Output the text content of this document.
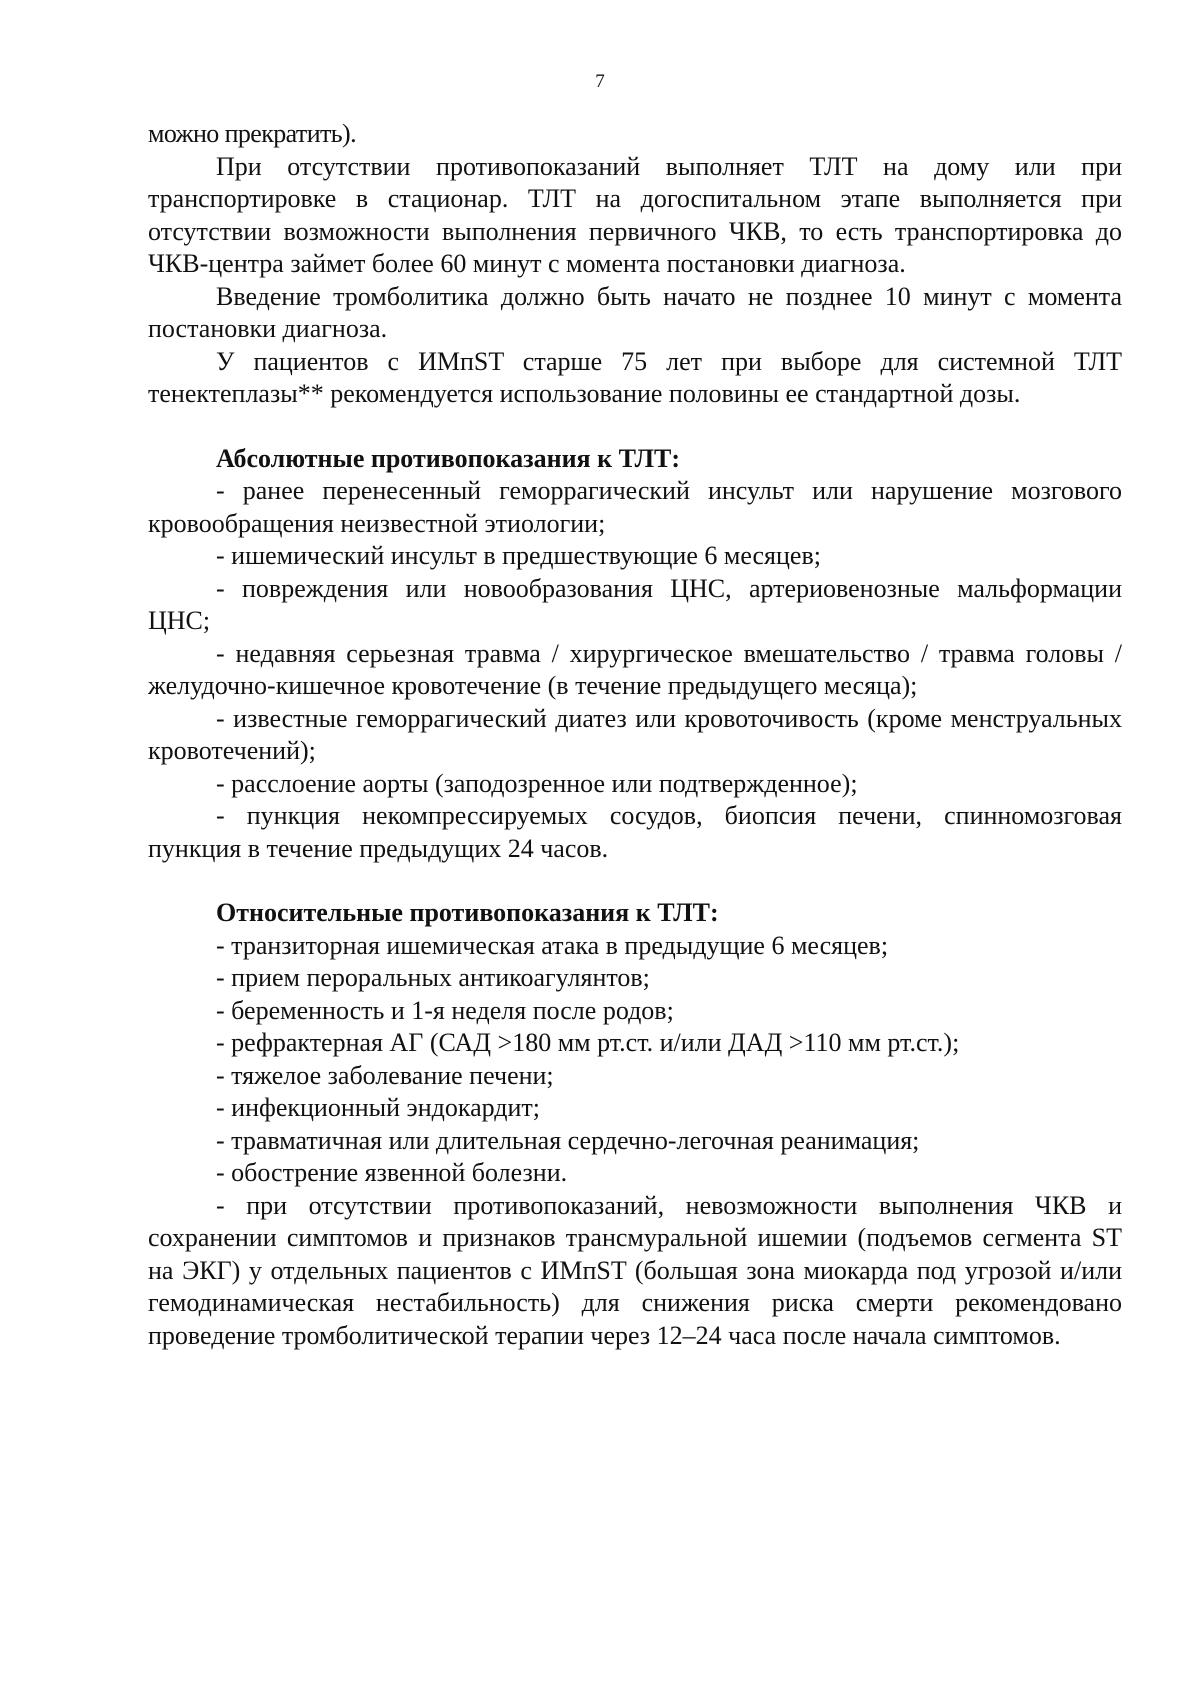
7

можно прекратить).

При отсутствии противопоказаний выполняет ТЛТ на дому или при транспортировке в стационар. ТЛТ на догоспитальном этапе выполняется при отсутствии возможности выполнения первичного ЧКВ, то есть транспортировка до ЧКВ-центра займет более 60 минут с момента постановки диагноза.

Введение тромболитика должно быть начато не позднее 10 минут с момента постановки диагноза.

У пациентов с ИМпST старше 75 лет при выборе для системной ТЛТ тенектеплазы** рекомендуется использование половины ее стандартной дозы.

Абсолютные противопоказания к ТЛТ:

- ранее перенесенный геморрагический инсульт или нарушение мозгового кровообращения неизвестной этиологии;

- ишемический инсульт в предшествующие 6 месяцев;

- повреждения или новообразования ЦНС, артериовенозные мальформации ЦНС;

- недавняя серьезная травма / хирургическое вмешательство / травма головы / желудочно-кишечное кровотечение (в течение предыдущего месяца);

- известные геморрагический диатез или кровоточивость (кроме менструальных кровотечений);

- расслоение аорты (заподозренное или подтвержденное);

- пункция некомпрессируемых сосудов, биопсия печени, спинномозговая пункция в течение предыдущих 24 часов.

Относительные противопоказания к ТЛТ:

- транзиторная ишемическая атака в предыдущие 6 месяцев;

- прием пероральных антикоагулянтов;

- беременность и 1-я неделя после родов;

- рефрактерная АГ (САД >180 мм рт.ст. и/или ДАД >110 мм рт.ст.);

- тяжелое заболевание печени;

- инфекционный эндокардит;

- травматичная или длительная сердечно-легочная реанимация;

- обострение язвенной болезни.

- при отсутствии противопоказаний, невозможности выполнения ЧКВ и сохранении симптомов и признаков трансмуральной ишемии (подъемов сегмента ST на ЭКГ) у отдельных пациентов с ИМпST (большая зона миокарда под угрозой и/или гемодинамическая нестабильность) для снижения риска смерти рекомендовано проведение тромболитической терапии через 12–24 часа после начала симптомов.
